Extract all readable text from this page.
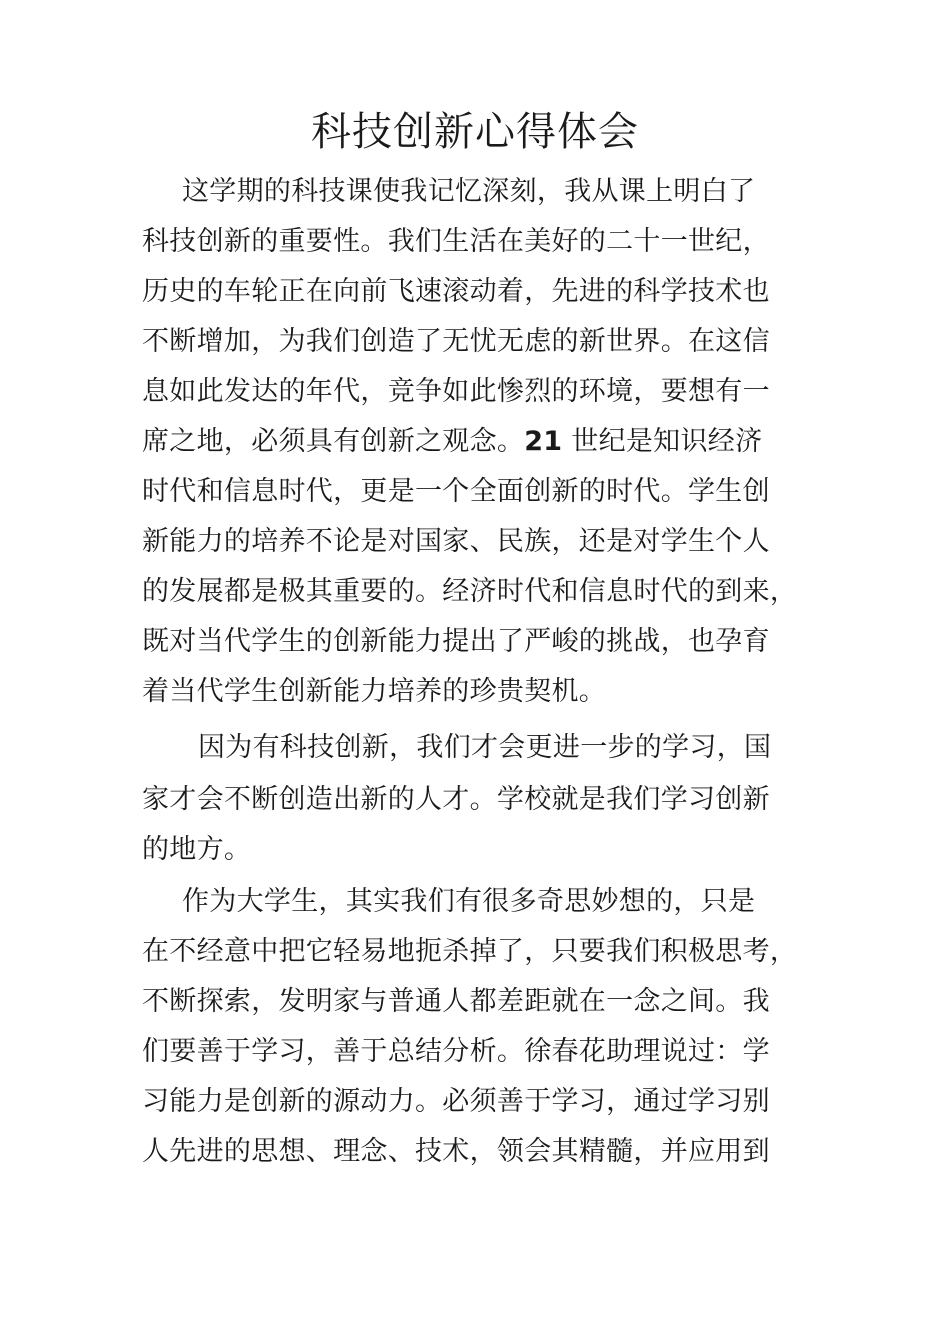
科技创新心得体会
这学期的科技课使我记忆深刻，我从课上明白了
科技创新的重要性。我们生活在美好的二十一世纪，
历史的车轮正在向前飞速滚动着，先进的科学技术也
不断增加，为我们创造了无忧无虑的新世界。在这信
息如此发达的年代，竞争如此惨烈的环境，要想有一
席之地，必须具有创新之观念。21 世纪是知识经济
时代和信息时代，更是一个全面创新的时代。学生创
新能力的培养不论是对国家、民族，还是对学生个人
的发展都是极其重要的。经济时代和信息时代的到来，
既对当代学生的创新能力提出了严峻的挑战，也孕育
着当代学生创新能力培养的珍贵契机。
因为有科技创新，我们才会更进一步的学习，国
家才会不断创造出新的人才。学校就是我们学习创新
的地方。
作为大学生，其实我们有很多奇思妙想的，只是
在不经意中把它轻易地扼杀掉了，只要我们积极思考，
不断探索，发明家与普通人都差距就在一念之间。我
们要善于学习，善于总结分析。徐春花助理说过：学
习能力是创新的源动力。必须善于学习，通过学习别
人先进的思想、理念、技术，领会其精髓，并应用到
